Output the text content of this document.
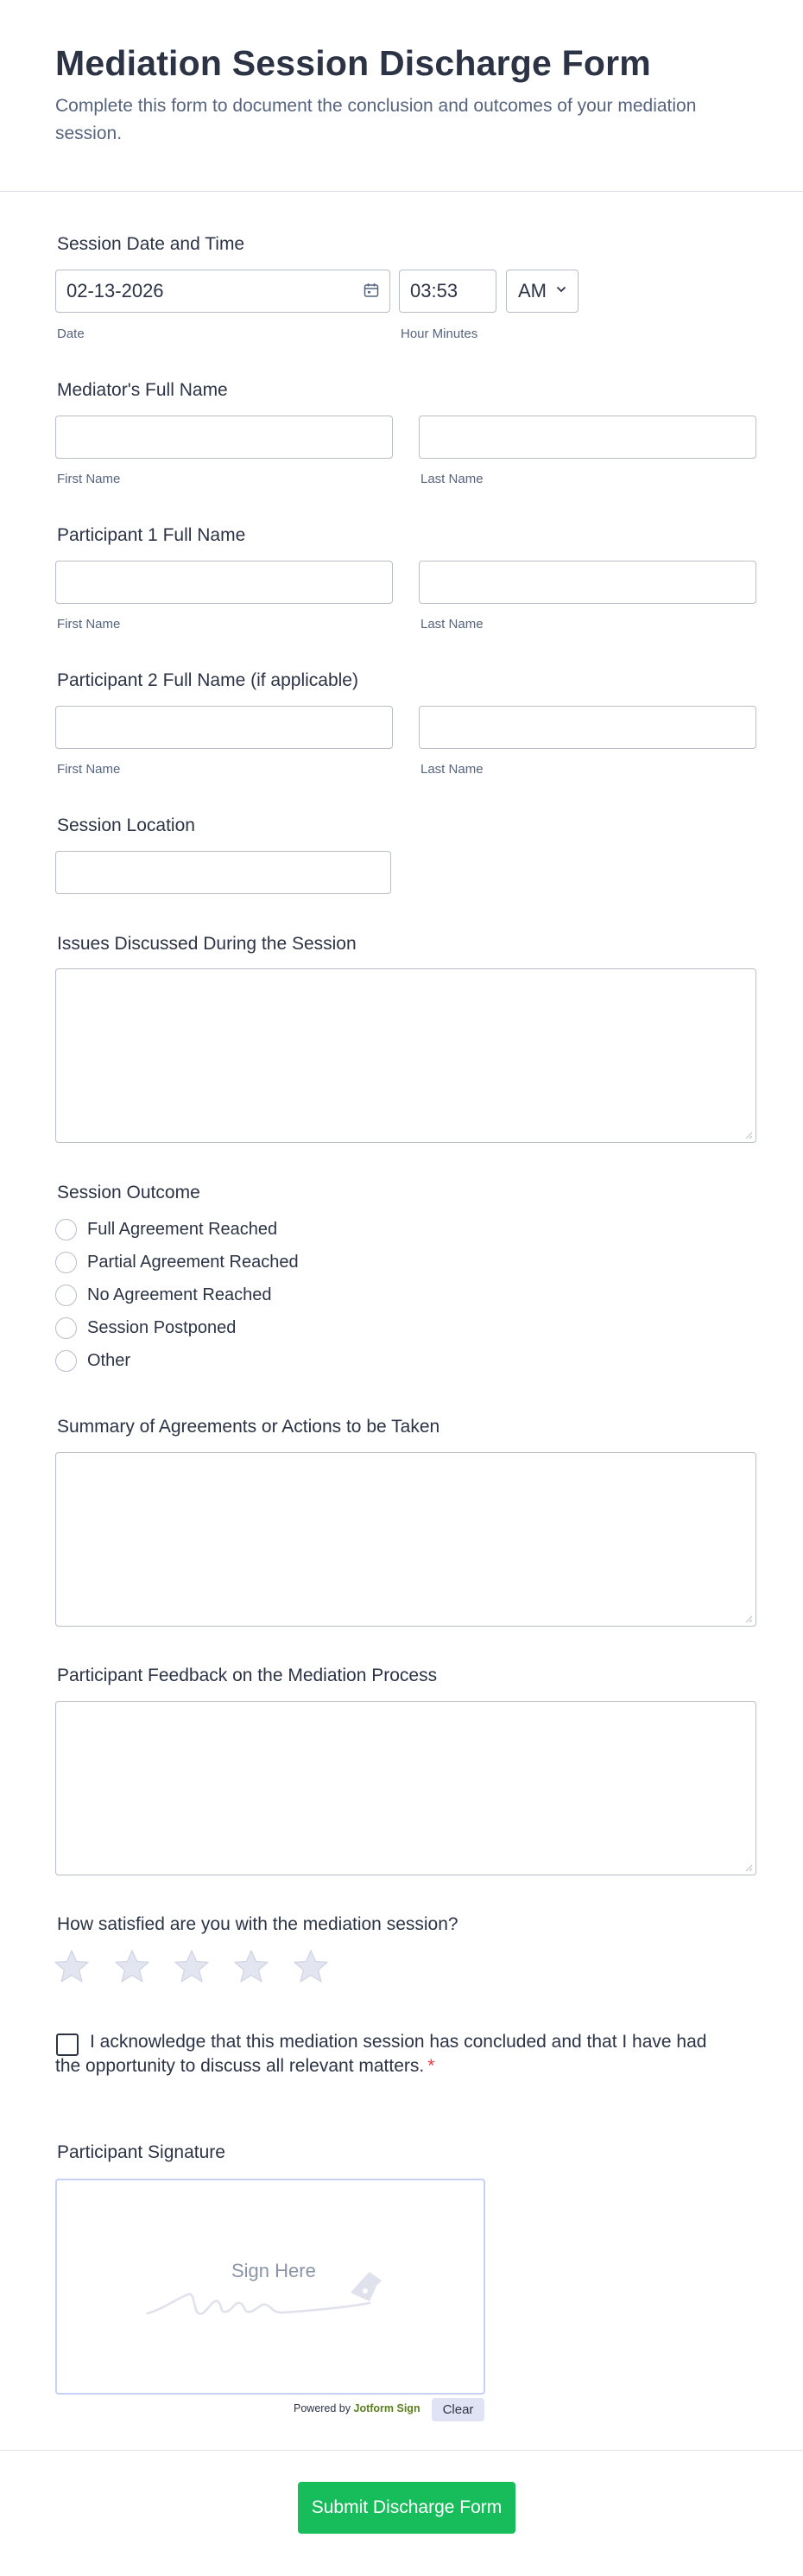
Mediation Session Discharge Form
Complete this form to document the conclusion and outcomes of your mediation session.
Session Date and Time
02-13-2026	03:53	AM
Date	Hour Minutes
Mediator's Full Name
First Name	Last Name
Participant 1 Full Name
First Name	Last Name
Participant 2 Full Name (if applicable)
First Name	Last Name
Session Location
Issues Discussed During the Session
Session Outcome
Full Agreement Reached
Partial Agreement Reached
No Agreement Reached
Session Postponed
Other
Summary of Agreements or Actions to be Taken
Participant Feedback on the Mediation Process
How satisfied are you with the mediation session?
I acknowledge that this mediation session has concluded and that I have had the opportunity to discuss all relevant matters. *
Participant Signature
Sign Here
Powered by Jotform Sign	Clear
Submit Discharge Form
